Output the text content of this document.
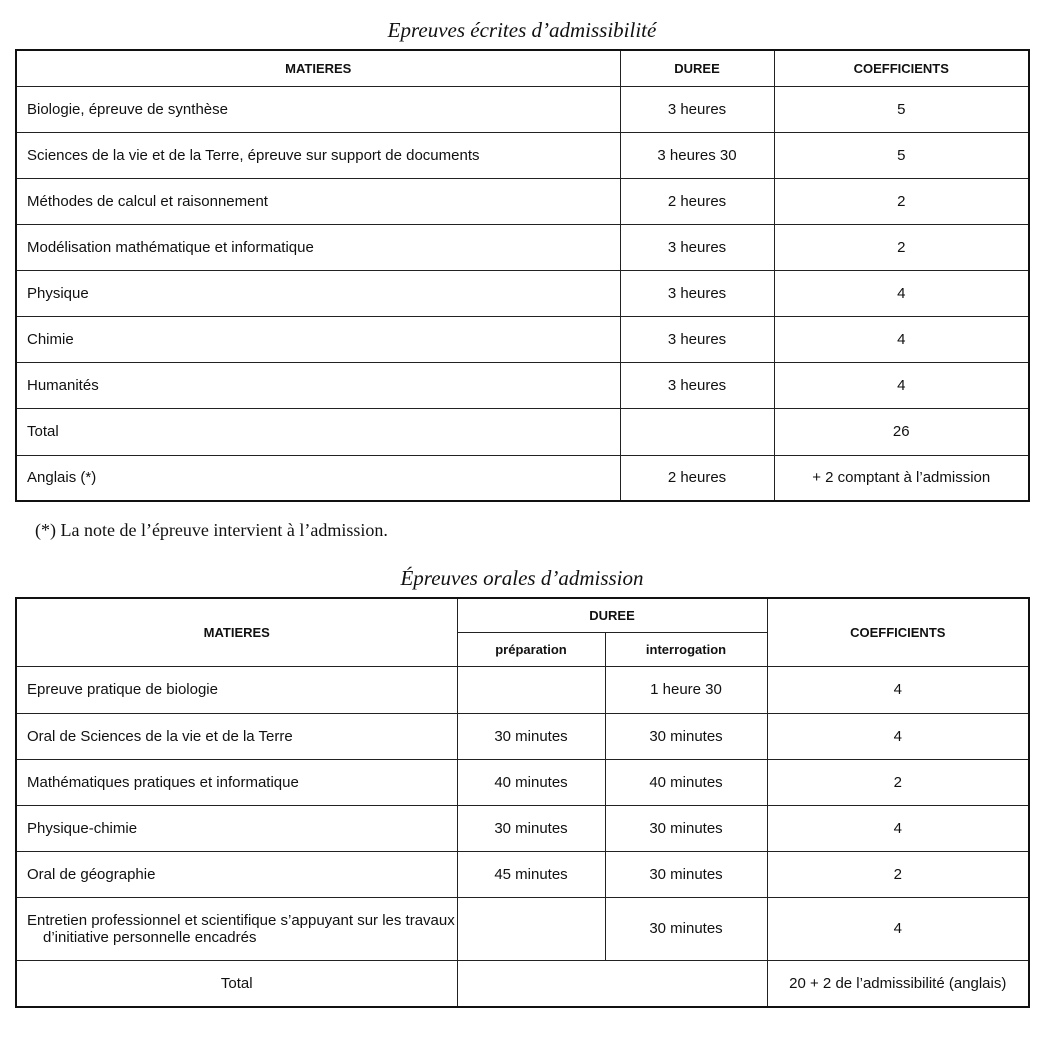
Epreuves écrites d’admissibilité
MATIERES	DUREE	COEFFICIENTS
Biologie, épreuve de synthèse	3 heures	5
Sciences de la vie et de la Terre, épreuve sur support de documents	3 heures 30	5
Méthodes de calcul et raisonnement	2 heures	2
Modélisation mathématique et informatique	3 heures	2
Physique	3 heures	4
Chimie	3 heures	4
Humanités	3 heures	4
Total		26
Anglais (*)	2 heures	+ 2 comptant à l’admission
(*) La note de l’épreuve intervient à l’admission.
Épreuves orales d’admission
MATIERES	DUREE		COEFFICIENTS
	préparation	interrogation	
Epreuve pratique de biologie		1 heure 30	4
Oral de Sciences de la vie et de la Terre	30 minutes	30 minutes	4
Mathématiques pratiques et informatique	40 minutes	40 minutes	2
Physique-chimie	30 minutes	30 minutes	4
Oral de géographie	45 minutes	30 minutes	2

Entretien professionnel et scientifique s’appuyant sur les travaux
d’initiative personnelle encadrés		30 minutes	4
Total			20 + 2 de l’admissibilité (anglais)
